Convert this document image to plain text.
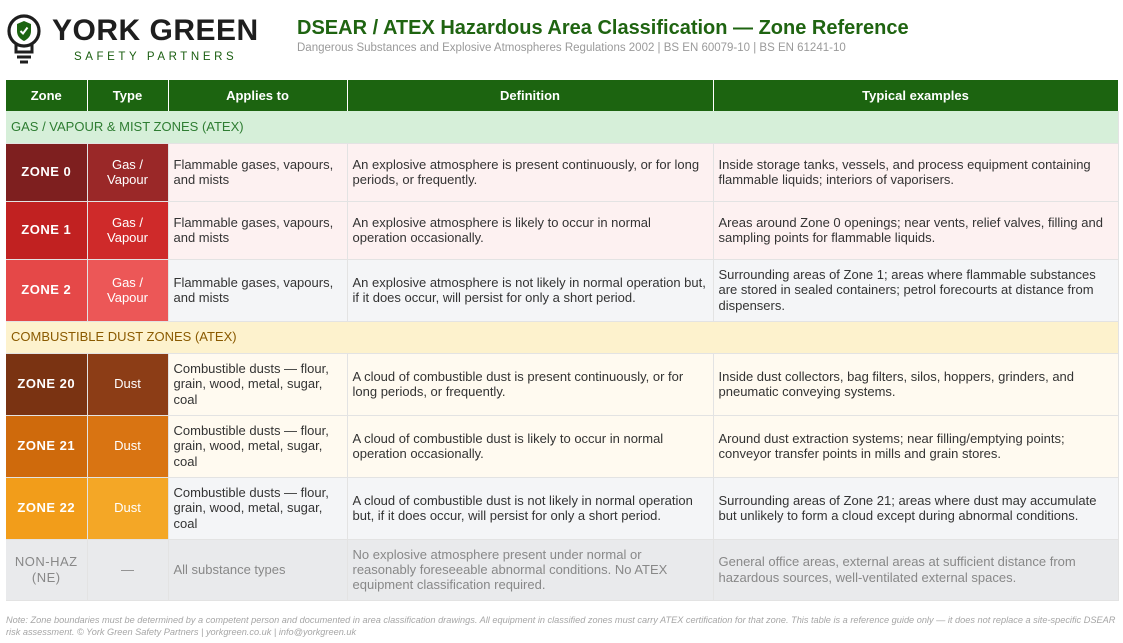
YORK GREEN
SAFETY PARTNERS
DSEAR / ATEX Hazardous Area Classification — Zone Reference
Dangerous Substances and Explosive Atmospheres Regulations 2002 | BS EN 60079-10 | BS EN 61241-10
Zone	Type	Applies to	Definition	Typical examples
GAS / VAPOUR & MIST ZONES (ATEX)				
ZONE 0	Gas / Vapour	Flammable gases, vapours, and mists	An explosive atmosphere is present continuously, or for long periods, or frequently.	Inside storage tanks, vessels, and process equipment containing flammable liquids; interiors of vaporisers.
ZONE 1	Gas / Vapour	Flammable gases, vapours, and mists	An explosive atmosphere is likely to occur in normal operation occasionally.	Areas around Zone 0 openings; near vents, relief valves, filling and sampling points for flammable liquids.
ZONE 2	Gas / Vapour	Flammable gases, vapours, and mists	An explosive atmosphere is not likely in normal operation but, if it does occur, will persist for only a short period.	Surrounding areas of Zone 1; areas where flammable substances are stored in sealed containers; petrol forecourts at distance from dispensers.
COMBUSTIBLE DUST ZONES (ATEX)				
ZONE 20	Dust	Combustible dusts — flour, grain, wood, metal, sugar, coal	A cloud of combustible dust is present continuously, or for long periods, or frequently.	Inside dust collectors, bag filters, silos, hoppers, grinders, and pneumatic conveying systems.
ZONE 21	Dust	Combustible dusts — flour, grain, wood, metal, sugar, coal	A cloud of combustible dust is likely to occur in normal operation occasionally.	Around dust extraction systems; near filling/emptying points; conveyor transfer points in mills and grain stores.
ZONE 22	Dust	Combustible dusts — flour, grain, wood, metal, sugar, coal	A cloud of combustible dust is not likely in normal operation but, if it does occur, will persist for only a short period.	Surrounding areas of Zone 21; areas where dust may accumulate but unlikely to form a cloud except during abnormal conditions.
NON-HAZ (NE)	—	All substance types	No explosive atmosphere present under normal or reasonably foreseeable abnormal conditions. No ATEX equipment classification required.	General office areas, external areas at sufficient distance from hazardous sources, well-ventilated external spaces.
Note: Zone boundaries must be determined by a competent person and documented in area classification drawings. All equipment in classified zones must carry ATEX certification for that zone. This table is a reference guide only — it does not replace a site-specific DSEAR risk assessment. © York Green Safety Partners | yorkgreen.co.uk | info@yorkgreen.uk
